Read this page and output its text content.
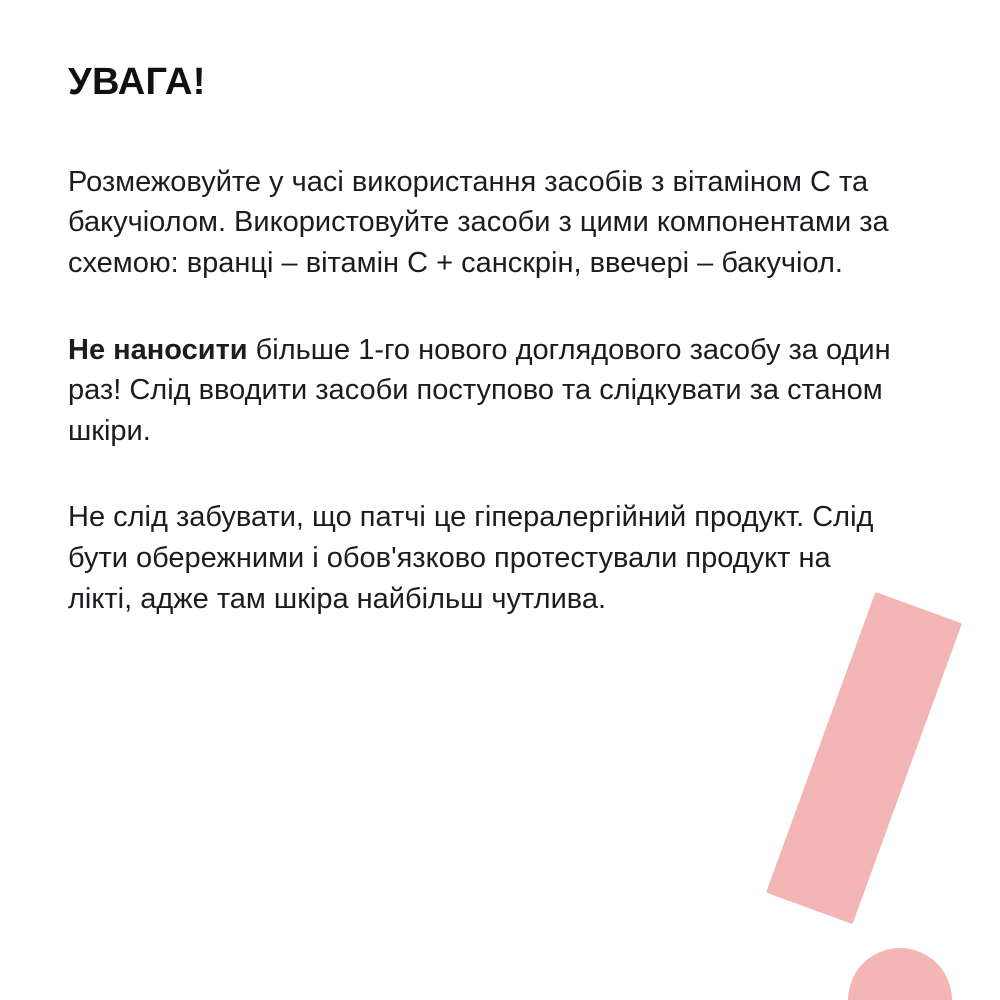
УВАГА!

Розмежовуйте у часі використання засобів з вітаміном С та бакучіолом. Використовуйте засоби з цими компонентами за схемою: вранці – вітамін С + санскрін, ввечері – бакучіол.

Не наносити більше 1-го нового доглядового засобу за один раз! Слід вводити засоби поступово та слідкувати за станом шкіри.

Не слід забувати, що патчі це гіпералергійний продукт. Слід бути обережними і обов'язково протестували продукт на лікті, адже там шкіра найбільш чутлива.
